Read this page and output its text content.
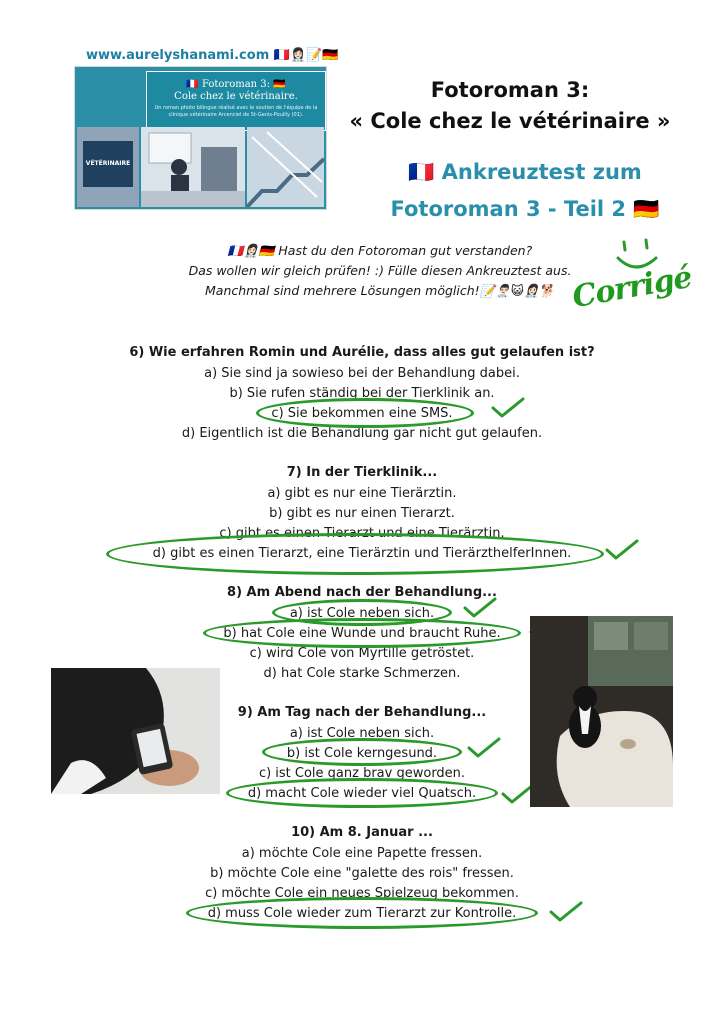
www.aurelyshanami.com 🇫🇷👩🏻‍⚕️📝🇩🇪
🇫🇷 Fotoroman 3: 🇩🇪
Cole chez le vétérinaire.
Un roman photo bilingue réalisé avec le soutien de l'équipe de la clinique vétérinaire Arcenciel de St-Genis-Pouilly (01).
VÉTÉRINAIRE
Fotoroman 3:
« Cole chez le vétérinaire »
🇫🇷 Ankreuztest zum
Fotoroman 3 - Teil 2 🇩🇪
🇫🇷👩🏻‍⚕️🇩🇪 Hast du den Fotoroman gut verstanden?
Das wollen wir gleich prüfen! :) Fülle diesen Ankreuztest aus.
Manchmal sind mehrere Lösungen möglich!📝👨🏻‍⚕️😺👩🏻‍⚕️🐕 Corrigé
6) Wie erfahren Romin und Aurélie, dass alles gut gelaufen ist?
a) Sie sind ja sowieso bei der Behandlung dabei.
b) Sie rufen ständig bei der Tierklinik an.
c) Sie bekommen eine SMS.
d) Eigentlich ist die Behandlung gar nicht gut gelaufen.
7) In der Tierklinik...
a) gibt es nur eine Tierärztin.
b) gibt es nur einen Tierarzt.
c) gibt es einen Tierarzt und eine Tierärztin.
d) gibt es einen Tierarzt, eine Tierärztin und TierärzthelferInnen.
8) Am Abend nach der Behandlung...
a) ist Cole neben sich.
b) hat Cole eine Wunde und braucht Ruhe.
c) wird Cole von Myrtille getröstet.
d) hat Cole starke Schmerzen.
9) Am Tag nach der Behandlung...
a) ist Cole neben sich.
b) ist Cole kerngesund.
c) ist Cole ganz brav geworden.
d) macht Cole wieder viel Quatsch.
10) Am 8. Januar ...
a) möchte Cole eine Papette fressen.
b) möchte Cole eine "galette des rois" fressen.
c) möchte Cole ein neues Spielzeug bekommen.
d) muss Cole wieder zum Tierarzt zur Kontrolle.
